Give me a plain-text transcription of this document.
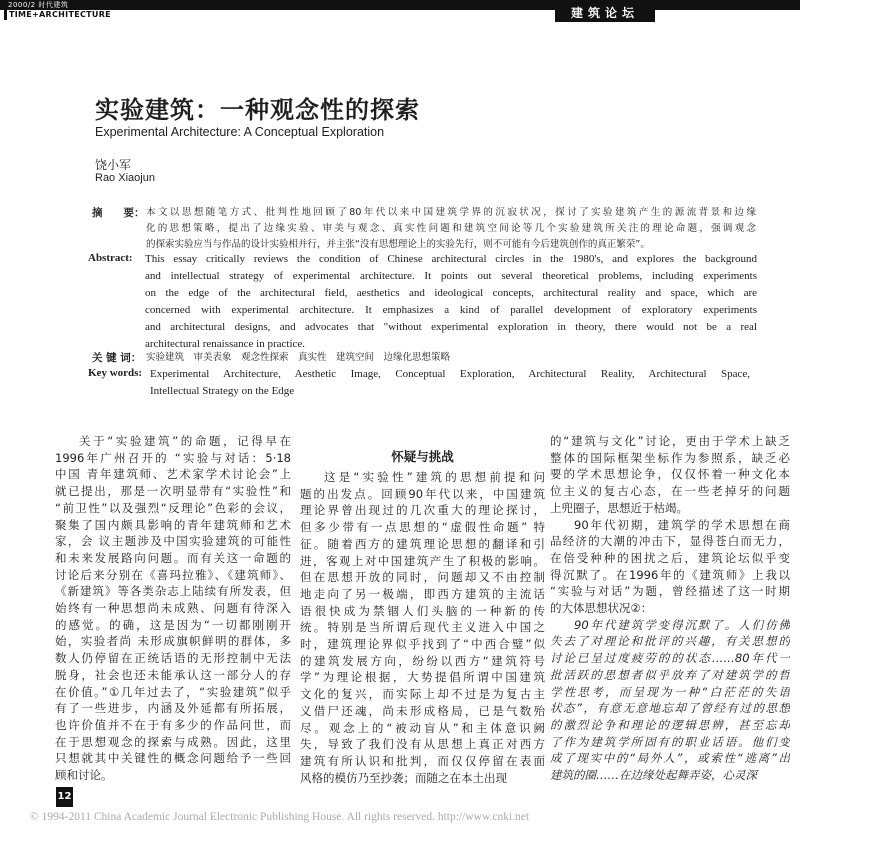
2000/2 时代建筑
TIME+ARCHITECTURE	建筑论坛
实验建筑：一种观念性的探索
Experimental Architecture: A Conceptual Exploration
饶小军
Rao Xiaojun
摘　　要：
Abstract:
关 键 词：
Key words:
本文以思想随笔方式、批判性地回顾了80年代以来中国建筑学界的沉寂状况，探讨了实验建筑产生的源流背景和边缘
化的思想策略，提出了边缘实验、审美与观念、真实性问题和建筑空间论等几个实验建筑所关注的理论命题，强调观念
的探索实验应当与作品的设计实验相并行，并主张“没有思想理论上的实验先行，则不可能有今后建筑创作的真正繁荣”。
This essay critically reviews the condition of Chinese architectural circles in the 1980's, and explores the background
and intellectual strategy of experimental architecture. It points out several theoretical problems, including experiments
on the edge of the architectural field, aesthetics and ideological concepts, architectural reality and space, which are
concerned with experimental architecture. It emphasizes a kind of parallel development of exploratory experiments
and architectural designs, and advocates that "without experimental exploration in theory, there would not be a real
architectural renaissance in practice.
实验建筑　审美表象　观念性探索　真实性　建筑空间　边缘化思想策略
Experimental Architecture, Aesthetic Image, Conceptual Exploration, Architectural Reality, Architectural Space,
Intellectual Strategy on the Edge
关于“实验建筑”的命题，记得早在
1996年广州召开的 “实验与对话：5·18
中国 青年建筑师、艺术家学术讨论会”上
就已提出，那是一次明显带有“实验性”和
“前卫性”以及强烈“反理论”色彩的会议，
聚集了国内颇具影响的青年建筑师和艺术
家，会 议主题涉及中国实验建筑的可能性
和未来发展路向问题。而有关这一命题的
讨论后来分别在《喜玛拉雅》、《建筑师》、
《新建筑》等各类杂志上陆续有所发表，但
始终有一种思想尚未成熟、问题有待深入
的感觉。的确，这是因为“一切都刚刚开
始，实验者尚 未形成旗帜鲜明的群体，多
数人仍停留在正统话语的无形控制中无法
脱身，社会也还未能承认这一部分人的存
在价值。”①几年过去了，“实验建筑”似乎
有了一些进步，内涵及外延都有所拓展，
也许价值并不在于有多少的作品问世，而
在于思想观念的探索与成熟。因此，这里
只想就其中关键性的概念问题给予一些回
顾和讨论。
这是“实验性”建筑的思想前提和问
题的出发点。回顾90年代以来，中国建筑
理论界曾出现过的几次重大的理论探讨，
但多少带有一点思想的“虚假性命题” 特
征。随着西方的建筑理论思想的翻译和引
进，客观上对中国建筑产生了积极的影响。
但在思想开放的同时，问题却又不由控制
地走向了另一极端，即西方建筑的主流话
语很快成为禁锢人们头脑的一种新的传
统。特别是当所谓后现代主义进入中国之
时，建筑理论界似乎找到了“中西合璧”似
的建筑发展方向，纷纷以西方“建筑符号
学”为理论根据，大势提倡所谓中国建筑
文化的复兴，而实际上却不过是为复古主
义借尸还魂，尚未形成格局，已是气数殆
尽。观念上的“被动盲从”和主体意识阙
失，导致了我们没有从思想上真正对西方
建筑有所认识和批判，而仅仅停留在表面
风格的模仿乃至抄袭；而随之在本土出现
的“建筑与文化”讨论，更由于学术上缺乏
整体的国际框架坐标作为参照系，缺乏必
要的学术思想论争，仅仅怀着一种文化本
位主义的复古心态，在一些老掉牙的问题
上兜圈子，思想近于枯竭。
90年代初期，建筑学的学术思想在商
品经济的大潮的冲击下，显得苍白而无力，
在倍受种种的困扰之后，建筑论坛似乎变
得沉默了。在1996年的《建筑师》上我以
“实验与对话”为题，曾经描述了这一时期
的大体思想状况②：
90年代建筑学变得沉默了。人们仿佛
失去了对理论和批评的兴趣，有关思想的
讨论已呈过度疲劳的的状态……80年代一
批活跃的思想者似乎放弃了对建筑学的哲
学性思考，而呈现为一种“白茫茫的失语
状态”，有意无意地忘却了曾经有过的思想
的激烈论争和理论的逻辑思辨，甚至忘却
了作为建筑学所固有的职业话语。他们变
成了现实中的“局外人”，或索性“逃离”出
建筑的圈……在边缘处起舞弄姿，心灵深
怀疑与挑战
12
© 1994-2011 China Academic Journal Electronic Publishing House. All rights reserved. http://www.cnki.net
